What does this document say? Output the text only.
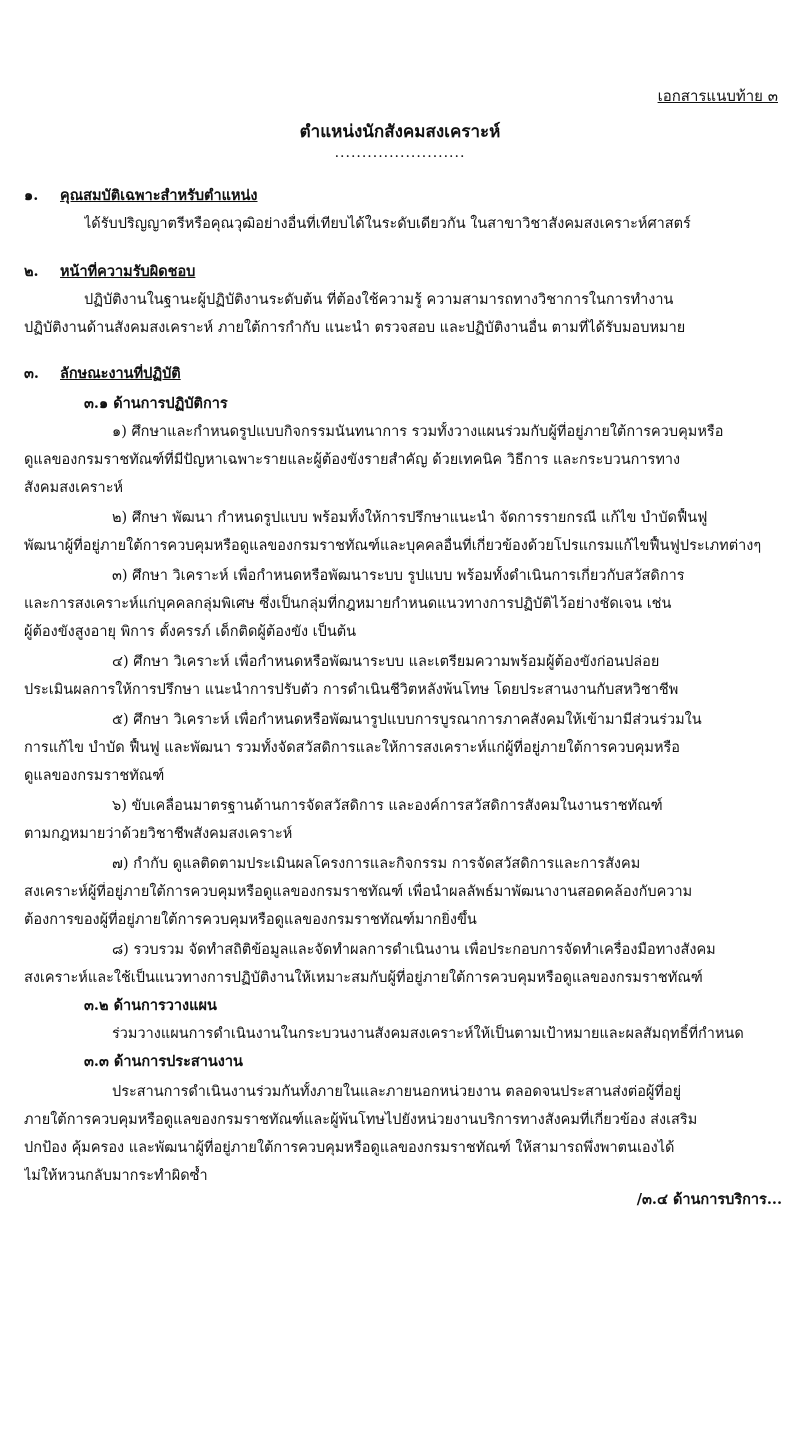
เอกสารแนบท้าย ๓
ตำแหน่งนักสังคมสงเคราะห์
........................
๑. คุณสมบัติเฉพาะสำหรับตำแหน่ง
ได้รับปริญญาตรีหรือคุณวุฒิอย่างอื่นที่เทียบได้ในระดับเดียวกัน ในสาขาวิชาสังคมสงเคราะห์ศาสตร์
๒. หน้าที่ความรับผิดชอบ
ปฏิบัติงานในฐานะผู้ปฏิบัติงานระดับต้น ที่ต้องใช้ความรู้ ความสามารถทางวิชาการในการทำงาน
ปฏิบัติงานด้านสังคมสงเคราะห์ ภายใต้การกำกับ แนะนำ ตรวจสอบ และปฏิบัติงานอื่น ตามที่ได้รับมอบหมาย
๓. ลักษณะงานที่ปฏิบัติ
๓.๑ ด้านการปฏิบัติการ
๑) ศึกษาและกำหนดรูปแบบกิจกรรมนันทนาการ รวมทั้งวางแผนร่วมกับผู้ที่อยู่ภายใต้การควบคุมหรือ
ดูแลของกรมราชทัณฑ์ที่มีปัญหาเฉพาะรายและผู้ต้องขังรายสำคัญ ด้วยเทคนิค วิธีการ และกระบวนการทาง
สังคมสงเคราะห์
๒) ศึกษา พัฒนา กำหนดรูปแบบ พร้อมทั้งให้การปรึกษาแนะนำ จัดการรายกรณี แก้ไข บำบัดฟื้นฟู
พัฒนาผู้ที่อยู่ภายใต้การควบคุมหรือดูแลของกรมราชทัณฑ์และบุคคลอื่นที่เกี่ยวข้องด้วยโปรแกรมแก้ไขฟื้นฟูประเภทต่างๆ
๓) ศึกษา วิเคราะห์ เพื่อกำหนดหรือพัฒนาระบบ รูปแบบ พร้อมทั้งดำเนินการเกี่ยวกับสวัสดิการ
และการสงเคราะห์แก่บุคคลกลุ่มพิเศษ ซึ่งเป็นกลุ่มที่กฎหมายกำหนดแนวทางการปฏิบัติไว้อย่างชัดเจน เช่น
ผู้ต้องขังสูงอายุ พิการ ตั้งครรภ์ เด็กติดผู้ต้องขัง เป็นต้น
๔) ศึกษา วิเคราะห์ เพื่อกำหนดหรือพัฒนาระบบ และเตรียมความพร้อมผู้ต้องขังก่อนปล่อย
ประเมินผลการให้การปรึกษา แนะนำการปรับตัว การดำเนินชีวิตหลังพ้นโทษ โดยประสานงานกับสหวิชาชีพ
๕) ศึกษา วิเคราะห์ เพื่อกำหนดหรือพัฒนารูปแบบการบูรณาการภาคสังคมให้เข้ามามีส่วนร่วมใน
การแก้ไข บำบัด ฟื้นฟู และพัฒนา รวมทั้งจัดสวัสดิการและให้การสงเคราะห์แก่ผู้ที่อยู่ภายใต้การควบคุมหรือ
ดูแลของกรมราชทัณฑ์
๖) ขับเคลื่อนมาตรฐานด้านการจัดสวัสดิการ และองค์การสวัสดิการสังคมในงานราชทัณฑ์
ตามกฎหมายว่าด้วยวิชาชีพสังคมสงเคราะห์
๗) กำกับ ดูแลติดตามประเมินผลโครงการและกิจกรรม การจัดสวัสดิการและการสังคม
สงเคราะห์ผู้ที่อยู่ภายใต้การควบคุมหรือดูแลของกรมราชทัณฑ์ เพื่อนำผลลัพธ์มาพัฒนางานสอดคล้องกับความ
ต้องการของผู้ที่อยู่ภายใต้การควบคุมหรือดูแลของกรมราชทัณฑ์มากยิ่งขึ้น
๘) รวบรวม จัดทำสถิติข้อมูลและจัดทำผลการดำเนินงาน เพื่อประกอบการจัดทำเครื่องมือทางสังคม
สงเคราะห์และใช้เป็นแนวทางการปฏิบัติงานให้เหมาะสมกับผู้ที่อยู่ภายใต้การควบคุมหรือดูแลของกรมราชทัณฑ์
๓.๒ ด้านการวางแผน
ร่วมวางแผนการดำเนินงานในกระบวนงานสังคมสงเคราะห์ให้เป็นตามเป้าหมายและผลสัมฤทธิ์ที่กำหนด
๓.๓ ด้านการประสานงาน
ประสานการดำเนินงานร่วมกันทั้งภายในและภายนอกหน่วยงาน ตลอดจนประสานส่งต่อผู้ที่อยู่
ภายใต้การควบคุมหรือดูแลของกรมราชทัณฑ์และผู้พ้นโทษไปยังหน่วยงานบริการทางสังคมที่เกี่ยวข้อง ส่งเสริม
ปกป้อง คุ้มครอง และพัฒนาผู้ที่อยู่ภายใต้การควบคุมหรือดูแลของกรมราชทัณฑ์ ให้สามารถพึ่งพาตนเองได้
ไม่ให้หวนกลับมากระทำผิดซ้ำ
/๓.๔ ด้านการบริการ...
